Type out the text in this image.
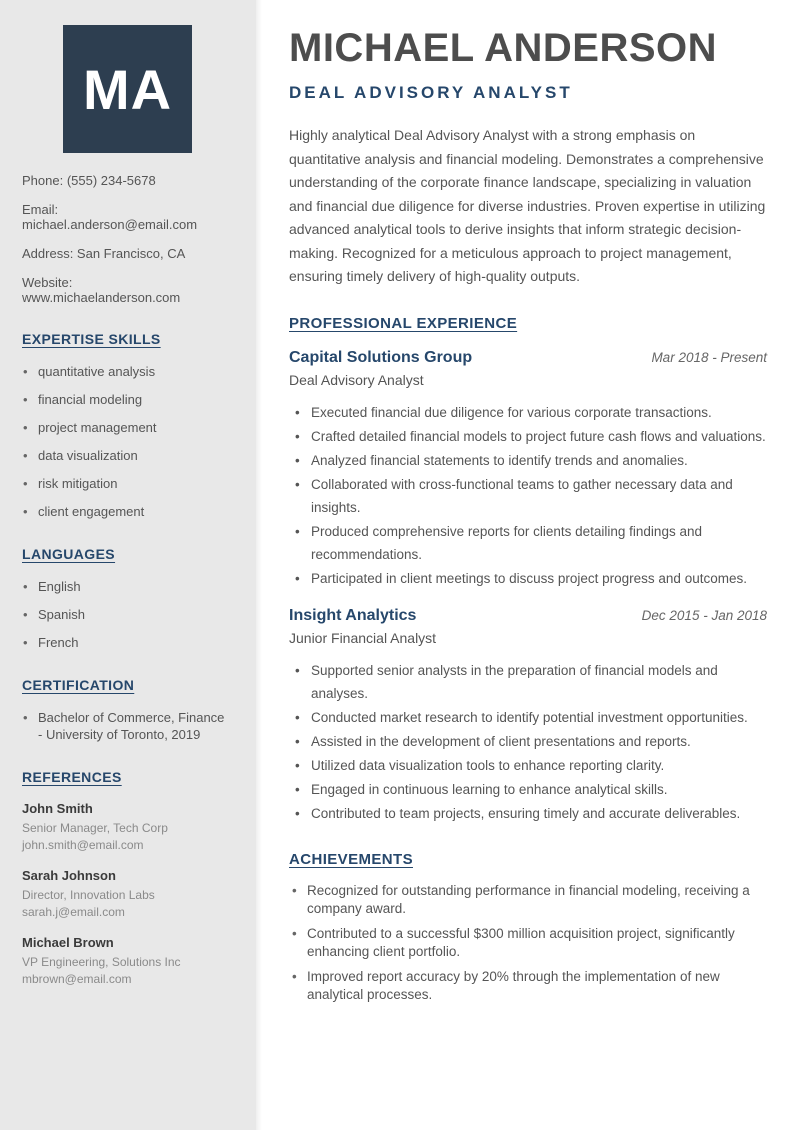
MA

Phone: (555) 234-5678

Email: michael.anderson@email.com

Address: San Francisco, CA

Website: www.michaelanderson.com

EXPERTISE SKILLS
• quantitative analysis
• financial modeling
• project management
• data visualization
• risk mitigation
• client engagement
LANGUAGES
• English
• Spanish
• French
CERTIFICATION
• Bachelor of Commerce, Finance - University of Toronto, 2019
REFERENCES
John Smith
Senior Manager, Tech Corp
john.smith@email.com
Sarah Johnson
Director, Innovation Labs
sarah.j@email.com
Michael Brown
VP Engineering, Solutions Inc
mbrown@email.com
MICHAEL ANDERSON
DEAL ADVISORY ANALYST

Highly analytical Deal Advisory Analyst with a strong emphasis on quantitative analysis and financial modeling. Demonstrates a comprehensive understanding of the corporate finance landscape, specializing in valuation and financial due diligence for diverse industries. Proven expertise in utilizing advanced analytical tools to derive insights that inform strategic decision-making. Recognized for a meticulous approach to project management, ensuring timely delivery of high-quality outputs.

PROFESSIONAL EXPERIENCE
Capital Solutions Group	Mar 2018 - Present
Deal Advisory Analyst
• Executed financial due diligence for various corporate transactions.
• Crafted detailed financial models to project future cash flows and valuations.
• Analyzed financial statements to identify trends and anomalies.
• Collaborated with cross-functional teams to gather necessary data and insights.
• Produced comprehensive reports for clients detailing findings and recommendations.
• Participated in client meetings to discuss project progress and outcomes.
Insight Analytics	Dec 2015 - Jan 2018
Junior Financial Analyst
• Supported senior analysts in the preparation of financial models and analyses.
• Conducted market research to identify potential investment opportunities.
• Assisted in the development of client presentations and reports.
• Utilized data visualization tools to enhance reporting clarity.
• Engaged in continuous learning to enhance analytical skills.
• Contributed to team projects, ensuring timely and accurate deliverables.
ACHIEVEMENTS
• Recognized for outstanding performance in financial modeling, receiving a company award.
• Contributed to a successful $300 million acquisition project, significantly enhancing client portfolio.
• Improved report accuracy by 20% through the implementation of new analytical processes.
